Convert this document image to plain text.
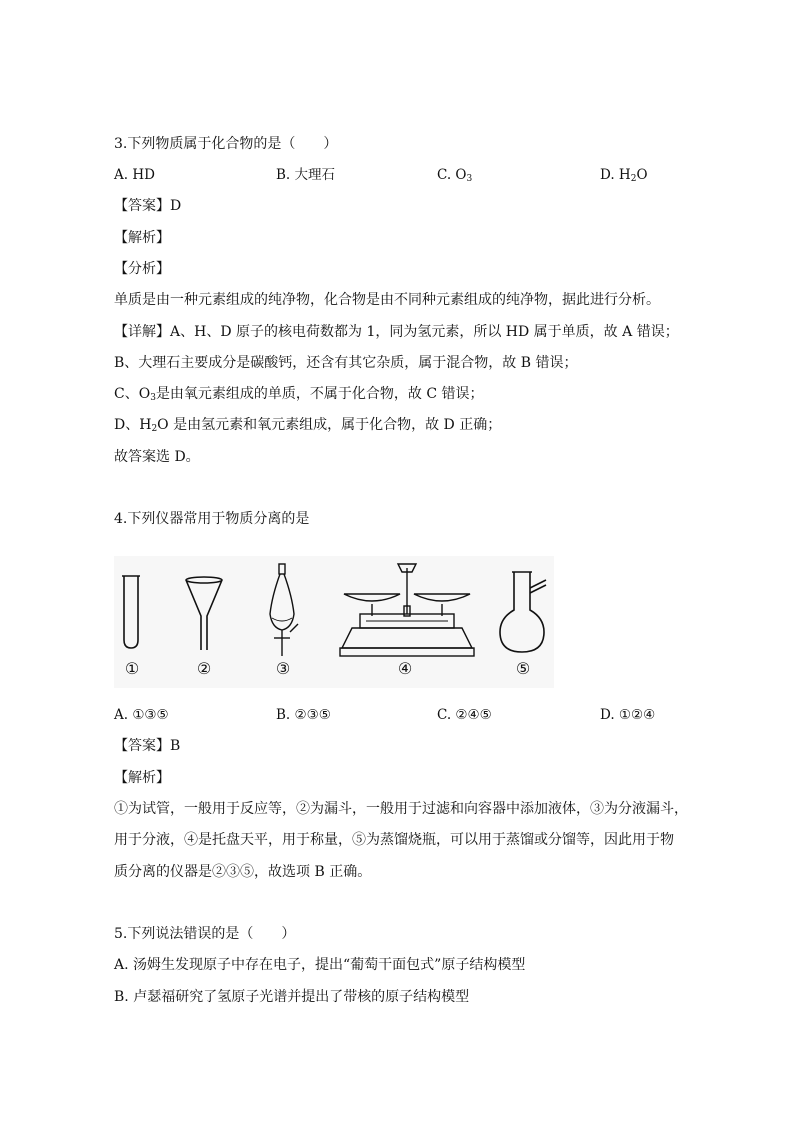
3.下列物质属于化合物的是（　　）
A. HD	B. 大理石	C. $O_3$	D. $H_2O$
【答案】D
【解析】
【分析】
单质是由一种元素组成的纯净物，化合物是由不同种元素组成的纯净物，据此进行分析。
【详解】A、H、D 原子的核电荷数都为 1，同为氢元素，所以 HD 属于单质，故 A 错误；
B、大理石主要成分是碳酸钙，还含有其它杂质，属于混合物，故 B 错误；
C、$O_3$是由氧元素组成的单质，不属于化合物，故 C 错误；
D、$H_2O$ 是由氢元素和氧元素组成，属于化合物，故 D 正确；
故答案选 D。
4.下列仪器常用于物质分离的是
①	②	③	④	⑤
A. ①③⑤	B. ②③⑤	C. ②④⑤	D. ①②④
【答案】B
【解析】
①为试管，一般用于反应等，②为漏斗，一般用于过滤和向容器中添加液体，③为分液漏斗，
用于分液，④是托盘天平，用于称量，⑤为蒸馏烧瓶，可以用于蒸馏或分馏等，因此用于物
质分离的仪器是②③⑤，故选项 B 正确。
5.下列说法错误的是（　　）
A. 汤姆生发现原子中存在电子，提出“葡萄干面包式”原子结构模型
B. 卢瑟福研究了氢原子光谱并提出了带核的原子结构模型
